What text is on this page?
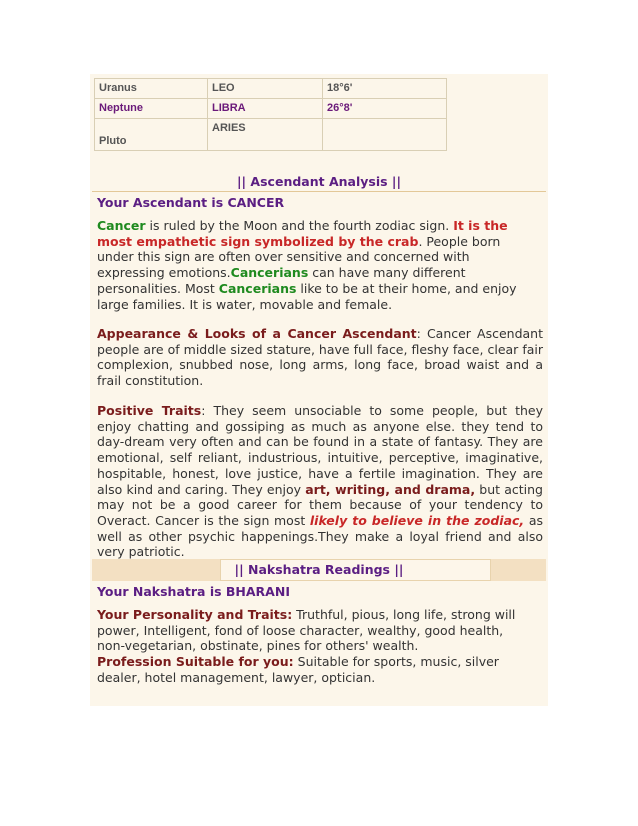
Uranus	LEO	18°6'
Neptune	LIBRA	26°8'
Pluto	ARIES	
|| Ascendant Analysis ||
Your Ascendant is CANCER

Cancer is ruled by the Moon and the fourth zodiac sign. It is the most empathetic sign symbolized by the crab. People born under this sign are often over sensitive and concerned with expressing emotions.Cancerians can have many different personalities. Most Cancerians like to be at their home, and enjoy large families. It is water, movable and female.

Appearance & Looks of a Cancer Ascendant: Cancer Ascendant people are of middle sized stature, have full face, fleshy face, clear fair complexion, snubbed nose, long arms, long face, broad waist and a frail constitution.

Positive Traits: They seem unsociable to some people, but they enjoy chatting and gossiping as much as anyone else. they tend to day-dream very often and can be found in a state of fantasy. They are emotional, self reliant, industrious, intuitive, perceptive, imaginative, hospitable, honest, love justice, have a fertile imagination. They are also kind and caring. They enjoy art, writing, and drama, but acting may not be a good career for them because of your tendency to Overact. Cancer is the sign most likely to believe in the zodiac, as well as other psychic happenings.They make a loyal friend and also very patriotic.

|| Nakshatra Readings ||
Your Nakshatra is BHARANI

Your Personality and Traits: Truthful, pious, long life, strong will power, Intelligent, fond of loose character, wealthy, good health, non-vegetarian, obstinate, pines for others' wealth.

Profession Suitable for you: Suitable for sports, music, silver dealer, hotel management, lawyer, optician.
